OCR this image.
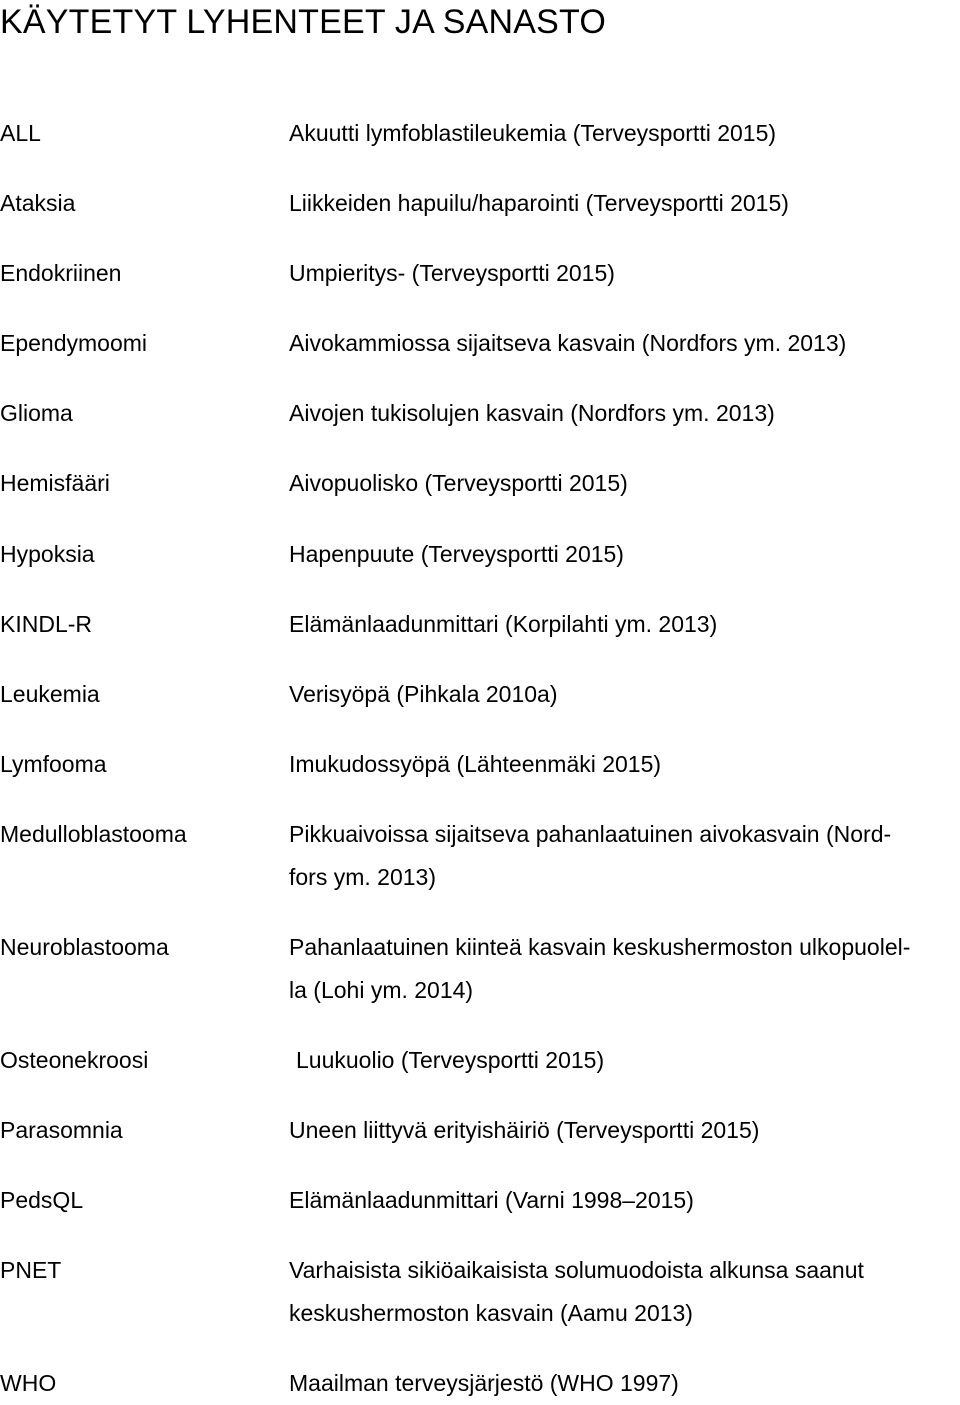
KÄYTETYT LYHENTEET JA SANASTO
ALL	Akuutti lymfoblastileukemia (Terveysportti 2015)
Ataksia	Liikkeiden hapuilu/haparointi (Terveysportti 2015)
Endokriinen	Umpieritys- (Terveysportti 2015)
Ependymoomi	Aivokammiossa sijaitseva kasvain (Nordfors ym. 2013)
Glioma	Aivojen tukisolujen kasvain (Nordfors ym. 2013)
Hemisfääri	Aivopuolisko (Terveysportti 2015)
Hypoksia	Hapenpuute (Terveysportti 2015)
KINDL-R	Elämänlaadunmittari (Korpilahti ym. 2013)
Leukemia	Verisyöpä (Pihkala 2010a)
Lymfooma	Imukudossyöpä (Lähteenmäki 2015)
Medulloblastooma	Pikkuaivoissa sijaitseva pahanlaatuinen aivokasvain (Nord-
fors ym. 2013)
Neuroblastooma	Pahanlaatuinen kiinteä kasvain keskushermoston ulkopuolel-
la (Lohi ym. 2014)
Osteonekroosi	Luukuolio (Terveysportti 2015)
Parasomnia	Uneen liittyvä erityishäiriö (Terveysportti 2015)
PedsQL	Elämänlaadunmittari (Varni 1998–2015)
PNET	Varhaisista sikiöaikaisista solumuodoista alkunsa saanut
keskushermoston kasvain (Aamu 2013)
WHO	Maailman terveysjärjestö (WHO 1997)
